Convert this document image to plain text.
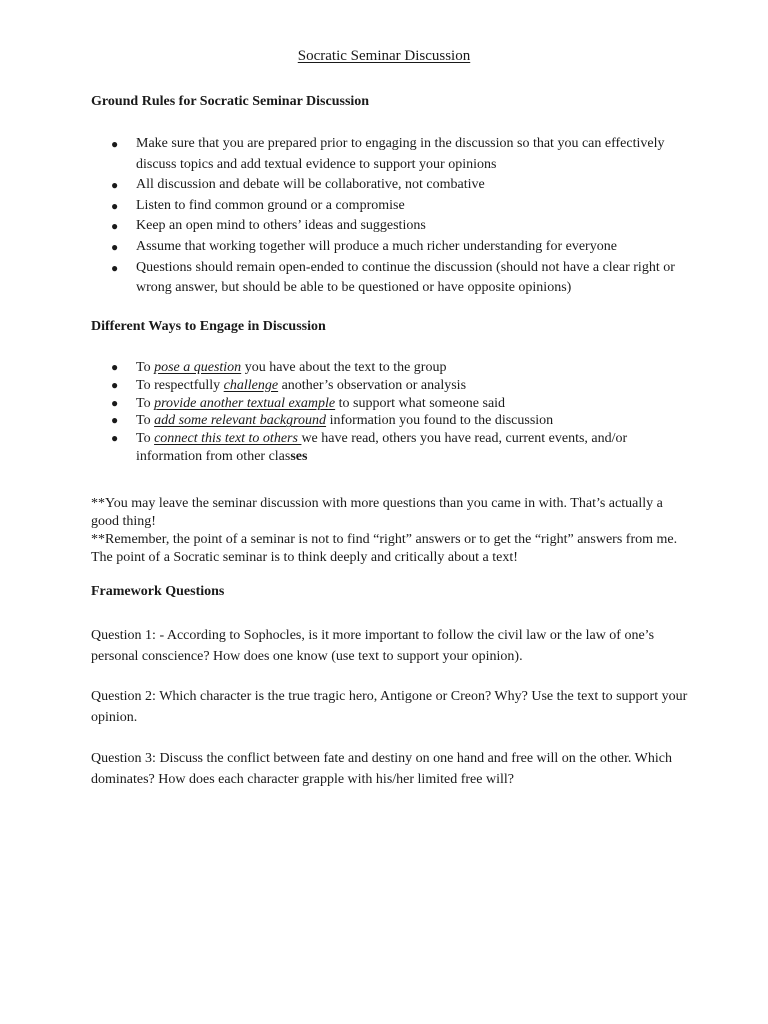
Socratic Seminar Discussion
Ground Rules for Socratic Seminar Discussion
● Make sure that you are prepared prior to engaging in the discussion so that you can effectively discuss topics and add textual evidence to support your opinions
● All discussion and debate will be collaborative, not combative
● Listen to find common ground or a compromise
● Keep an open mind to others’ ideas and suggestions
● Assume that working together will produce a much richer understanding for everyone
● Questions should remain open-ended to continue the discussion (should not have a clear right or wrong answer, but should be able to be questioned or have opposite opinions)
Different Ways to Engage in Discussion
● To pose a question you have about the text to the group
● To respectfully challenge another’s observation or analysis
● To provide another textual example to support what someone said
● To add some relevant background information you found to the discussion
● To connect this text to others we have read, others you have read, current events, and/or information from other classes
**You may leave the seminar discussion with more questions than you came in with. That’s actually a good thing!
**Remember, the point of a seminar is not to find “right” answers or to get the “right” answers from me. The point of a Socratic seminar is to think deeply and critically about a text!
Framework Questions
Question 1: - According to Sophocles, is it more important to follow the civil law or the law of one’s personal conscience? How does one know (use text to support your opinion).
Question 2: Which character is the true tragic hero, Antigone or Creon? Why? Use the text to support your opinion.
Question 3: Discuss the conflict between fate and destiny on one hand and free will on the other. Which dominates? How does each character grapple with his/her limited free will?
